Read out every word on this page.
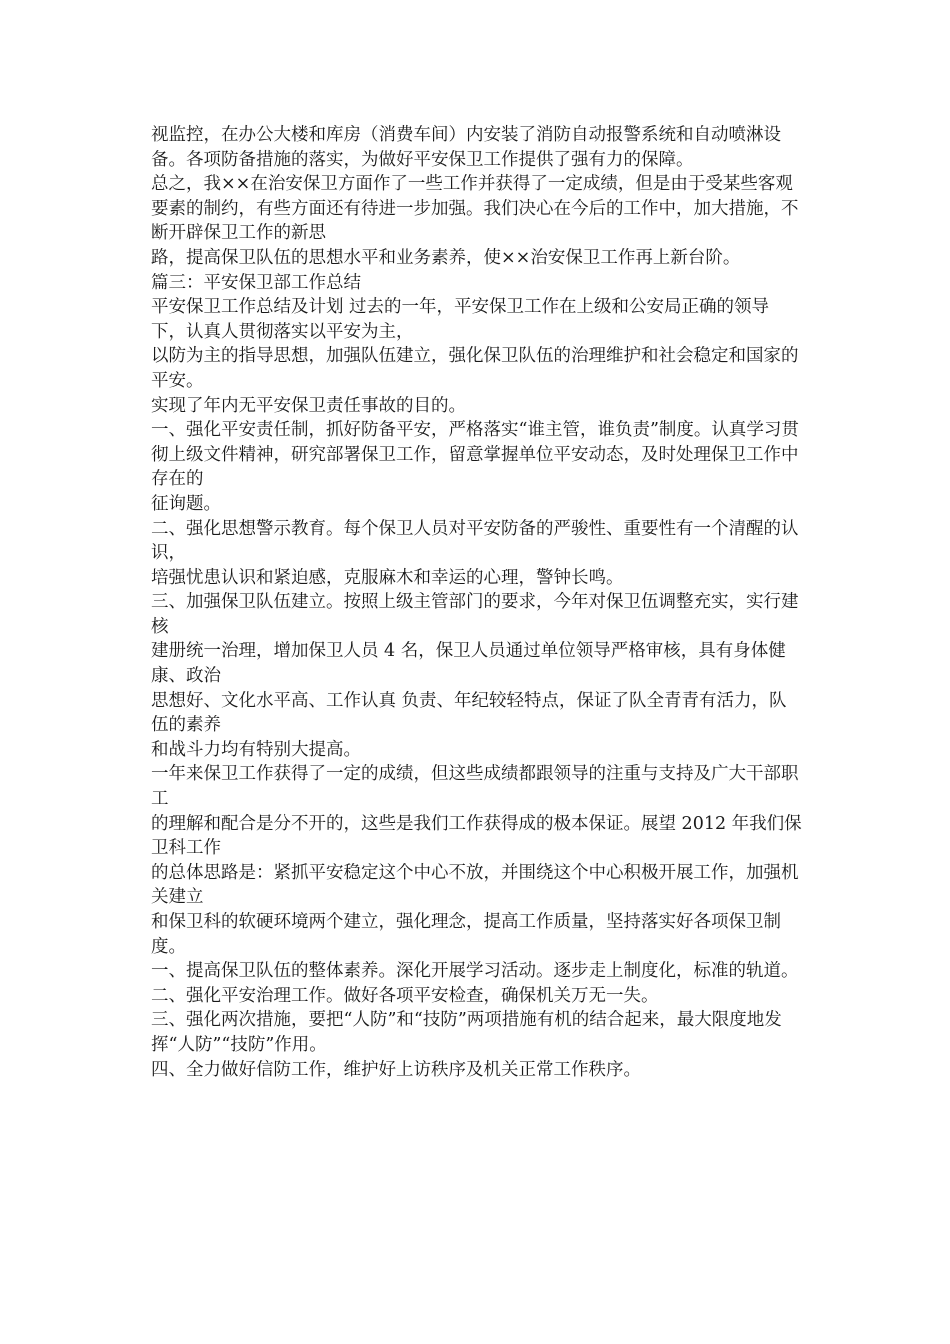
视监控，在办公大楼和库房（消费车间）内安装了消防自动报警系统和自动喷淋设备。各项防备措施的落实，为做好平安保卫工作提供了强有力的保障。

总之，我××在治安保卫方面作了一些工作并获得了一定成绩，但是由于受某些客观要素的制约，有些方面还有待进一步加强。我们决心在今后的工作中，加大措施，不断开辟保卫工作的新思

路，提高保卫队伍的思想水平和业务素养，使××治安保卫工作再上新台阶。

篇三：平安保卫部工作总结

平安保卫工作总结及计划 过去的一年，平安保卫工作在上级和公安局正确的领导下，认真人贯彻落实以平安为主，

以防为主的指导思想，加强队伍建立，强化保卫队伍的治理维护和社会稳定和国家的平安。

实现了年内无平安保卫责任事故的目的。

一、强化平安责任制，抓好防备平安，严格落实“谁主管，谁负责”制度。认真学习贯

彻上级文件精神，研究部署保卫工作，留意掌握单位平安动态，及时处理保卫工作中存在的

征询题。

二、强化思想警示教育。每个保卫人员对平安防备的严骏性、重要性有一个清醒的认识，

培强忧患认识和紧迫感，克服麻木和幸运的心理，警钟长鸣。

三、加强保卫队伍建立。按照上级主管部门的要求，今年对保卫伍调整充实，实行建核

建册统一治理，增加保卫人员 4 名，保卫人员通过单位领导严格审核，具有身体健康、政治

思想好、文化水平高、工作认真 负责、年纪较轻特点，保证了队全青青有活力，队伍的素养

和战斗力均有特别大提高。

一年来保卫工作获得了一定的成绩，但这些成绩都跟领导的注重与支持及广大干部职工

的理解和配合是分不开的，这些是我们工作获得成的极本保证。展望 2012 年我们保卫科工作

的总体思路是：紧抓平安稳定这个中心不放，并围绕这个中心积极开展工作，加强机关建立

和保卫科的软硬环境两个建立，强化理念，提高工作质量，坚持落实好各项保卫制度。

一、提高保卫队伍的整体素养。深化开展学习活动。逐步走上制度化，标准的轨道。

二、强化平安治理工作。做好各项平安检查，确保机关万无一失。

三、强化两次措施，要把“人防”和“技防”两项措施有机的结合起来，最大限度地发

挥“人防”“技防”作用。

四、全力做好信防工作，维护好上访秩序及机关正常工作秩序。
